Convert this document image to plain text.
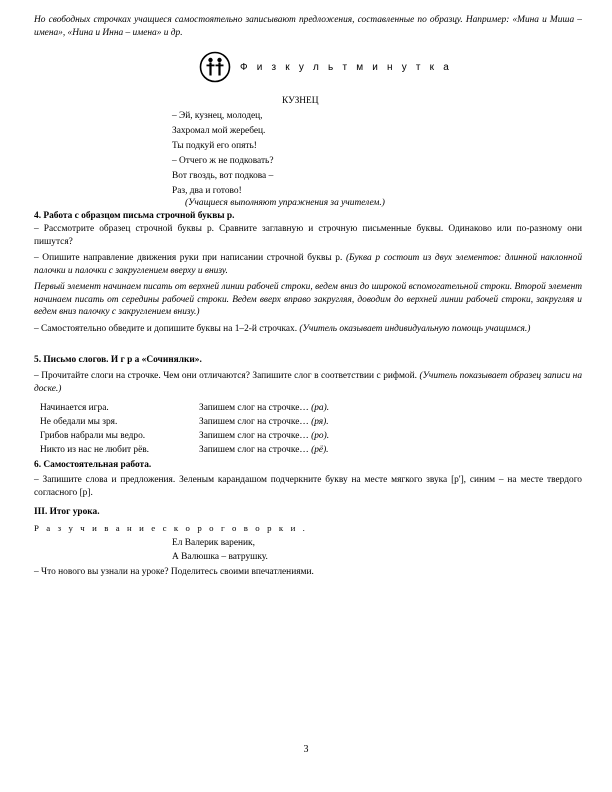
Но свободных строчках учащиеся самостоятельно записывают предложения, составленные по образцу. Например: «Мина и Миша – имена», «Нина и Инна – имена» и др.
Ф и з к у л ь т м и н у т к а
КУЗНЕЦ
– Эй, кузнец, молодец,
Захромал мой жеребец.
Ты подкуй его опять!
– Отчего ж не подковать?
Вот гвоздь, вот подкова –
Раз, два и готово!
(Учащиеся выполняют упражнения за учителем.)
4. Работа с образцом письма строчной буквы р.
– Рассмотрите образец строчной буквы р. Сравните заглавную и строчную письменные буквы. Одинаково или по-разному они пишутся?
– Опишите направление движения руки при написании строчной буквы р. (Буква р состоит из двух элементов: длинной наклонной палочки и палочки с закруглением вверху и внизу.
Первый элемент начинаем писать от верхней линии рабочей строки, ведем вниз до широкой вспомогательной строки. Второй элемент начинаем писать от середины рабочей строки. Ведем вверх вправо закругляя, доводим до верхней линии рабочей строки, закругляя и ведем вниз палочку с закруглением внизу.)
– Самостоятельно обведите и допишите буквы на 1–2-й строчках. (Учитель оказывает индивидуальную помощь учащимся.)
5. Письмо слогов. И г р а «Сочинялки».
– Прочитайте слоги на строчке. Чем они отличаются? Запишите слог в соответствии с рифмой. (Учитель показывает образец записи на доске.)
Начинается игра.	Запишем слог на строчке… (ра).
Не обедали мы зря.	Запишем слог на строчке… (ря).
Грибов набрали мы ведро.	Запишем слог на строчке… (ро).
Никто из нас не любит рёв.	Запишем слог на строчке… (рё).
6. Самостоятельная работа.
– Запишите слова и предложения. Зеленым карандашом подчеркните букву на месте мягкого звука [р'], синим – на месте твердого согласного [р].
III. Итог урока.
Р а з у ч и в а н и е с к о р о г о в о р к и .
Ел Валерик вареник,
А Валюшка – ватрушку.
– Что нового вы узнали на уроке? Поделитесь своими впечатлениями.
3
